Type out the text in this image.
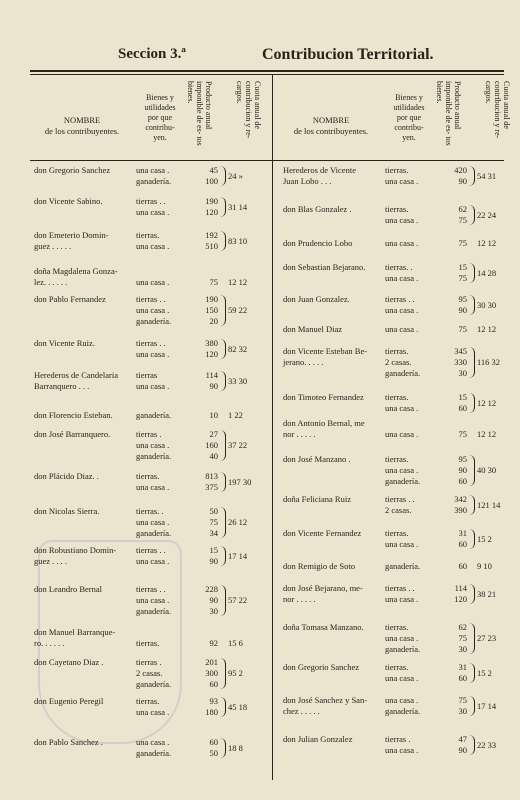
Seccion 3.ª	Contribucion Territorial.
NOMBRE
de los contribuyentes.
Bienes y
utilidades
por que
contribu-
yen.
Producto anual imponible de es- tos bienes.	Cuota anual de contribucion y re- cargos.
don Gregorio Sanchez	una casa .	45
ganadería.	100
24 »
don Vicente Sabino.	tierras . .	190
una casa .	120
31 14
don Emeterio Domin-
guez . . . . .
tierras.	192
una casa .	510
83 10
doña Magdalena Gonza-
lez. . . . . .	una casa .	75 12 12
don Pablo Fernandez	tierras . .	190
una casa .	150
ganadería.	20
59 22
don Vicente Ruiz.	tierras . .	380
una casa .	120
82 32
Herederos de Candelaria
Barranquero . . .
tierras	114
una casa .	90
33 30
don Florencio Esteban.	ganadería.	10 1 22
don José Barranquero.	tierras .	27
una casa .	160
ganadería.	40
37 22
don Plácido Diaz. .	tierras.	813
una casa .	375
197 30
don Nicolas Sierra.	tierras. .	50
una casa .	75
ganadería.	34
26 12
don Robustiano Domin-
guez . . . .
tierras . .	15
una casa .	90
17 14
don Leandro Bernal	tierras . .	228
una casa .	90
ganadería.	30
57 22
don Manuel Barranque-
ro. . . . . .	tierras.	92 15 6
don Cayetano Diaz .	tierras .	201
2 casas.	300
ganadería.	60
95 2
don Eugenio Peregil	tierras.	93
una casa .	180
45 18
don Pablo Sanchez .	una casa .	60
ganadería.	50
18 8
NOMBRE
de los contribuyentes.
Bienes y
utilidades
por que
contribu-
yen.
Producto anual imponible de es- tos bienes.	Cuota anual de contribucion y re- cargos.
Herederos de Vicente
Juan Lobo . . .
tierras.	420
una casa .	90
54 31
don Blas Gonzalez .	tierras.	62
una casa .	75
22 24
don Prudencio Lobo	una casa .	75 12 12
don Sebastian Bejarano.	tierras. .	15
una casa .	75
14 28
don Juan Gonzalez.	tierras . .	95
una casa .	90
30 30
don Manuel Diaz	una casa .	75 12 12
don Vicente Esteban Be-
jerano. . . . .
tierras.	345
2 casas.	330
ganadería.	30
116 32
don Timoteo Fernandez	tierras.	15
una casa .	60
12 12
don Antonio Bernal, me
nor . . . . .	una casa .	75 12 12
don José Manzano .	tierras.	95
una casa .	90
ganadería.	60
40 30
doña Feliciana Ruiz	tierras . .	342
2 casas.	390
121 14
don Vicente Fernandez	tierras.	31
una casa .	60
15 2
don Remigio de Soto	ganadería.	60 9 10
don José Bejarano, me-
nor . . . . .
tierras . .	114
una casa .	120
38 21
doña Tomasa Manzano.	tierras.	62
una casa .	75
ganadería.	30
27 23
don Gregorio Sanchez	tierras.	31
una casa .	60
15 2
don José Sanchez y San-
chez . . . . .
una casa .	75
ganadería.	30
17 14
don Julian Gonzalez	tierras .	47
una casa .	90
22 33
